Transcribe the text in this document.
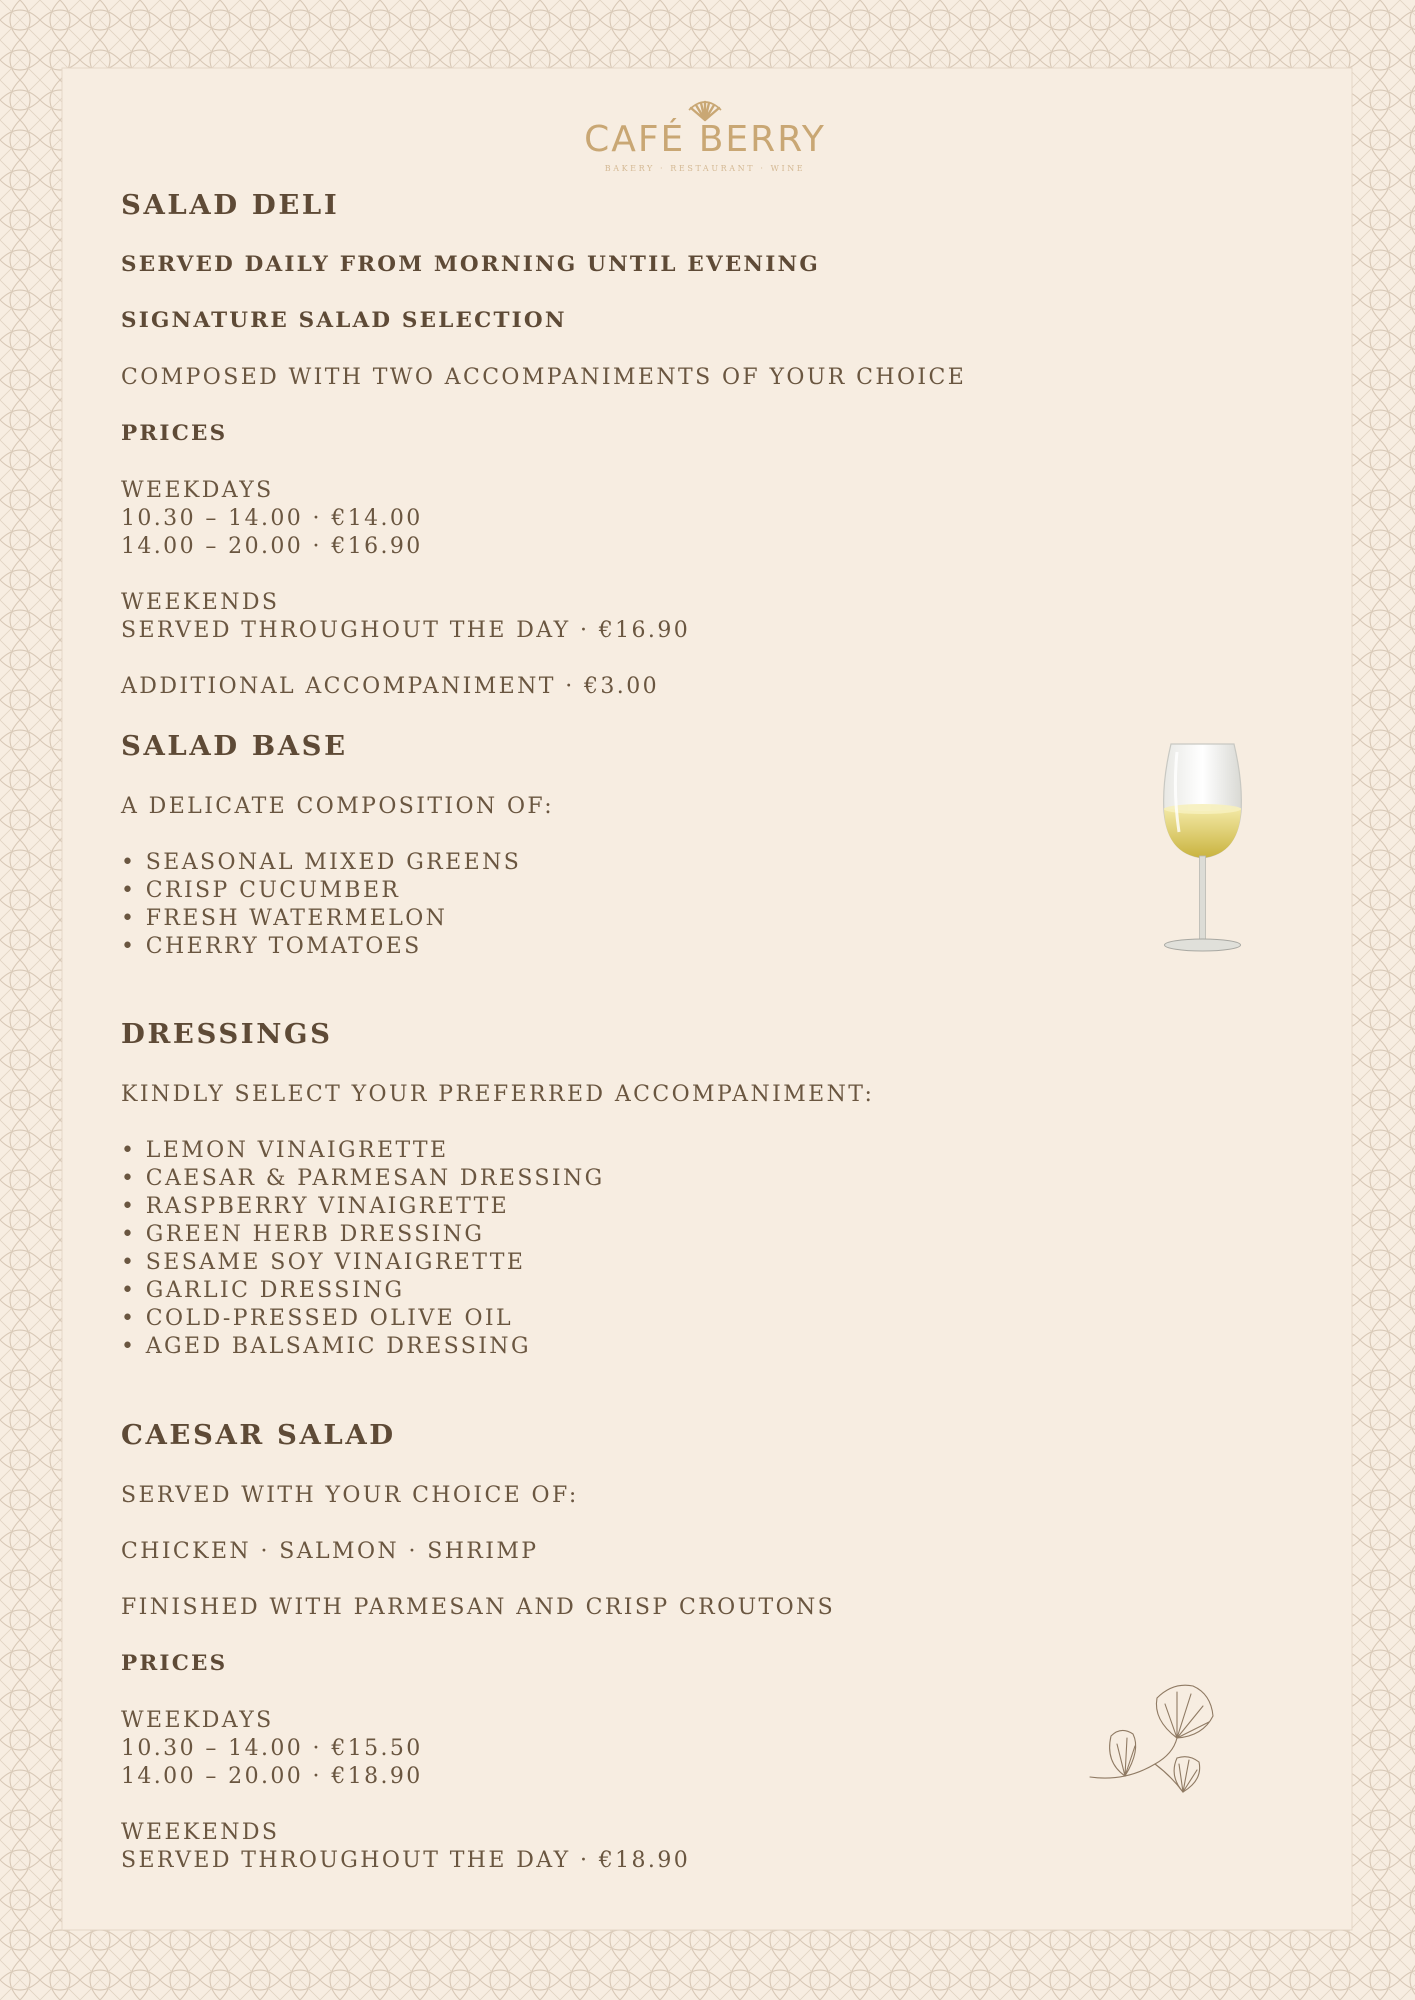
CAFÉ BERRY
BAKERY · RESTAURANT · WINE
SALAD DELI
SERVED DAILY FROM MORNING UNTIL EVENING
SIGNATURE SALAD SELECTION
COMPOSED WITH TWO ACCOMPANIMENTS OF YOUR CHOICE
PRICES
WEEKDAYS
10.30 – 14.00 · €14.00
14.00 – 20.00 · €16.90
WEEKENDS
SERVED THROUGHOUT THE DAY · €16.90
ADDITIONAL ACCOMPANIMENT · €3.00
SALAD BASE
A DELICATE COMPOSITION OF:
• SEASONAL MIXED GREENS
• CRISP CUCUMBER
• FRESH WATERMELON
• CHERRY TOMATOES
DRESSINGS
KINDLY SELECT YOUR PREFERRED ACCOMPANIMENT:
• LEMON VINAIGRETTE
• CAESAR & PARMESAN DRESSING
• RASPBERRY VINAIGRETTE
• GREEN HERB DRESSING
• SESAME SOY VINAIGRETTE
• GARLIC DRESSING
• COLD-PRESSED OLIVE OIL
• AGED BALSAMIC DRESSING
CAESAR SALAD
SERVED WITH YOUR CHOICE OF:
CHICKEN · SALMON · SHRIMP
FINISHED WITH PARMESAN AND CRISP CROUTONS
PRICES
WEEKDAYS
10.30 – 14.00 · €15.50
14.00 – 20.00 · €18.90
WEEKENDS
SERVED THROUGHOUT THE DAY · €18.90
